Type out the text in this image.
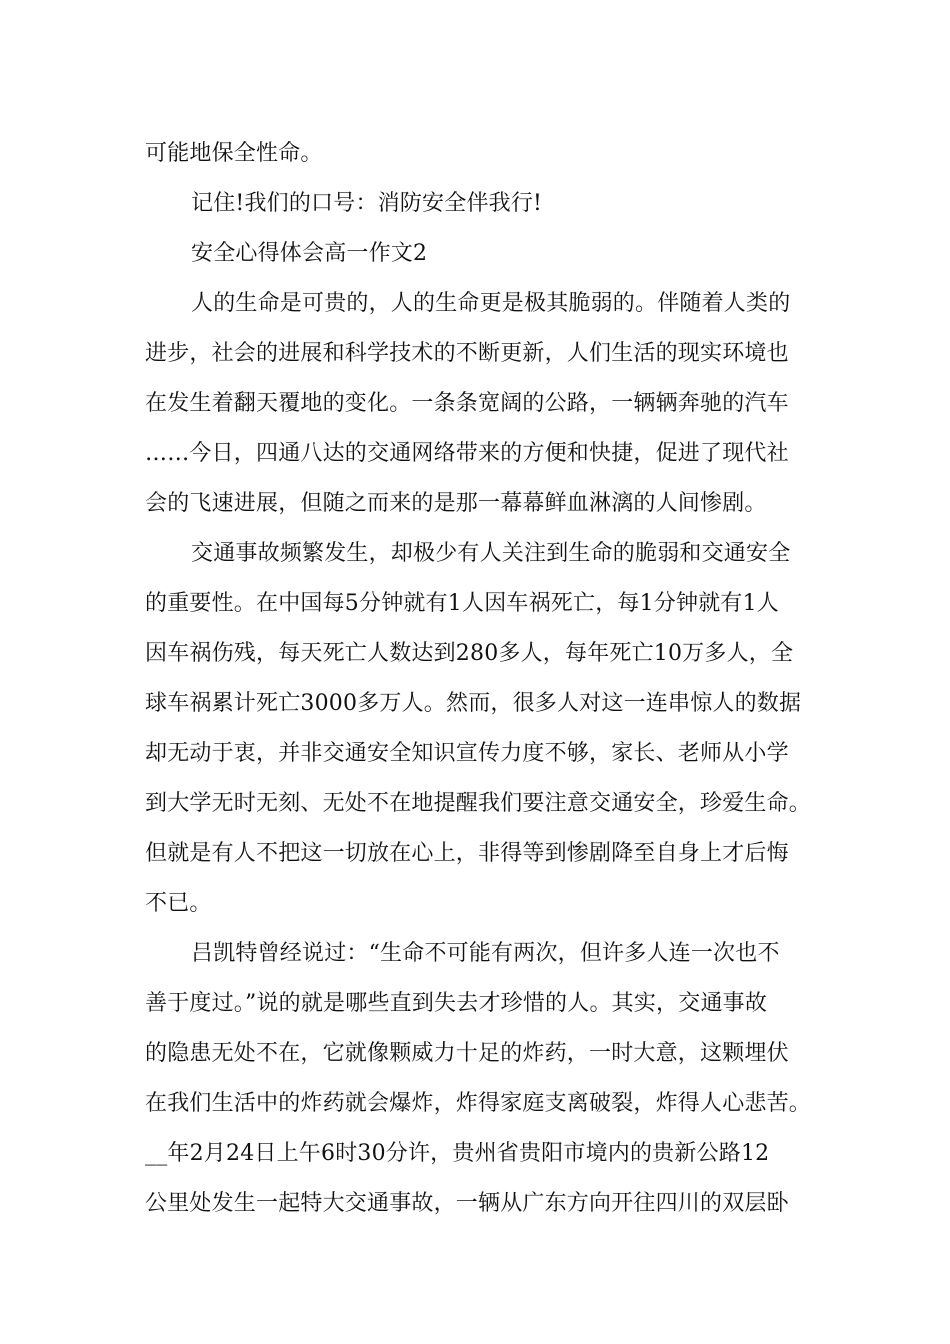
可能地保全性命。
记住!我们的口号：消防安全伴我行!
安全心得体会高一作文2
人的生命是可贵的，人的生命更是极其脆弱的。伴随着人类的
进步，社会的进展和科学技术的不断更新，人们生活的现实环境也
在发生着翻天覆地的变化。一条条宽阔的公路，一辆辆奔驰的汽车
……今日，四通八达的交通网络带来的方便和快捷，促进了现代社
会的飞速进展，但随之而来的是那一幕幕鲜血淋漓的人间惨剧。
交通事故频繁发生，却极少有人关注到生命的脆弱和交通安全
的重要性。在中国每5分钟就有1人因车祸死亡，每1分钟就有1人
因车祸伤残，每天死亡人数达到280多人，每年死亡10万多人，全
球车祸累计死亡3000多万人。然而，很多人对这一连串惊人的数据
却无动于衷，并非交通安全知识宣传力度不够，家长、老师从小学
到大学无时无刻、无处不在地提醒我们要注意交通安全，珍爱生命。
但就是有人不把这一切放在心上，非得等到惨剧降至自身上才后悔
不已。
吕凯特曾经说过：“生命不可能有两次，但许多人连一次也不
善于度过。”说的就是哪些直到失去才珍惜的人。其实，交通事故
的隐患无处不在，它就像颗威力十足的炸药，一时大意，这颗埋伏
在我们生活中的炸药就会爆炸，炸得家庭支离破裂，炸得人心悲苦。
__年2月24日上午6时30分许，贵州省贵阳市境内的贵新公路12
公里处发生一起特大交通事故，一辆从广东方向开往四川的双层卧
